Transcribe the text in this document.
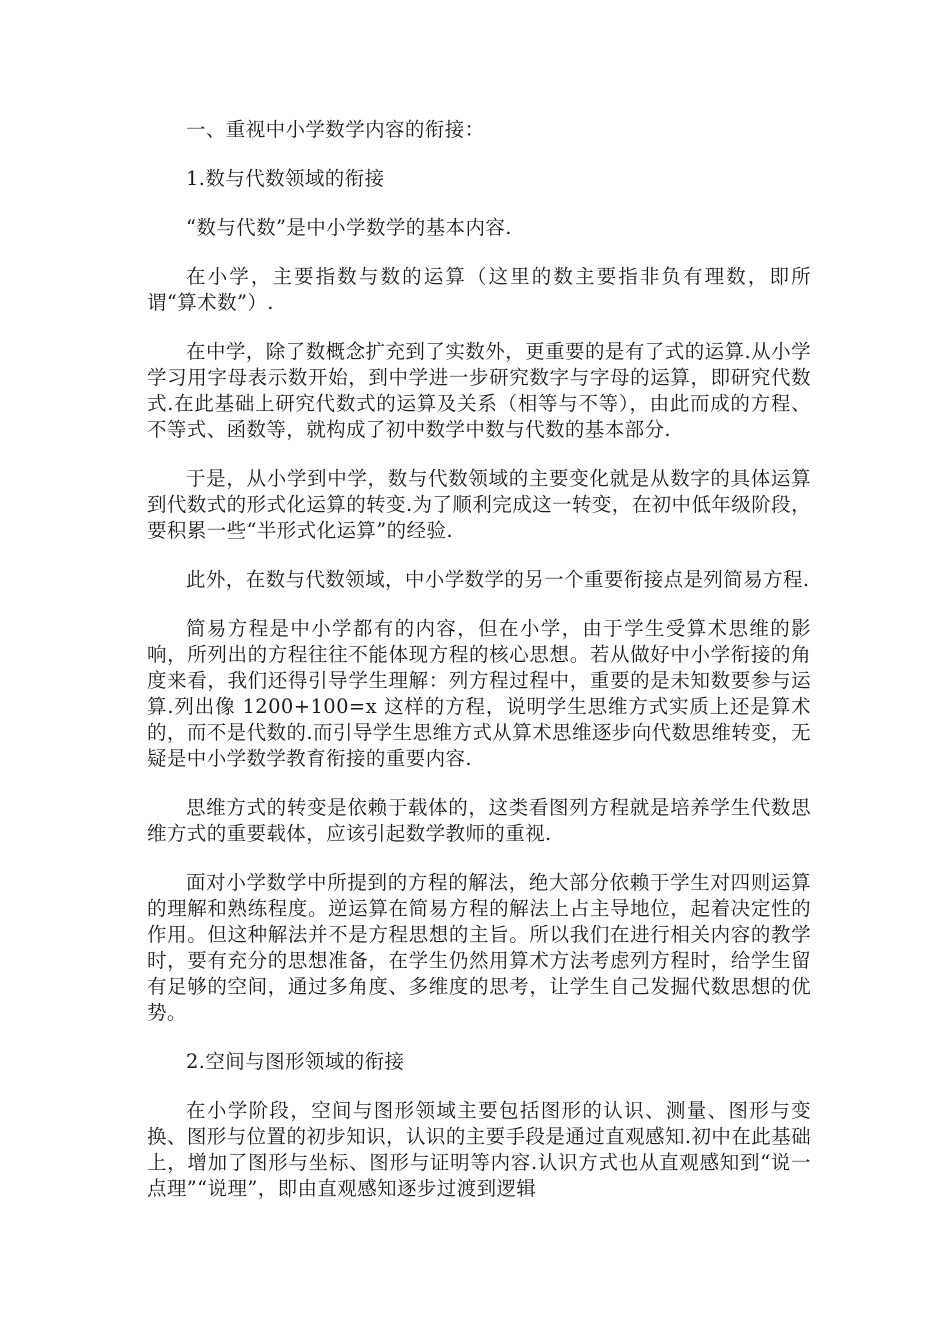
一、重视中小学数学内容的衔接：

1.数与代数领域的衔接

“数与代数”是中小学数学的基本内容.

在小学，主要指数与数的运算（这里的数主要指非负有理数，即所谓“算术数”）.

在中学，除了数概念扩充到了实数外，更重要的是有了式的运算.从小学学习用字母表示数开始，到中学进一步研究数字与字母的运算，即研究代数式.在此基础上研究代数式的运算及关系（相等与不等），由此而成的方程、不等式、函数等，就构成了初中数学中数与代数的基本部分.

于是，从小学到中学，数与代数领域的主要变化就是从数字的具体运算到代数式的形式化运算的转变.为了顺利完成这一转变，在初中低年级阶段，要积累一些“半形式化运算”的经验.

此外，在数与代数领域，中小学数学的另一个重要衔接点是列简易方程.

简易方程是中小学都有的内容，但在小学，由于学生受算术思维的影响，所列出的方程往往不能体现方程的核心思想。若从做好中小学衔接的角度来看，我们还得引导学生理解：列方程过程中，重要的是未知数要参与运算.列出像 1200+100=x 这样的方程，说明学生思维方式实质上还是算术的，而不是代数的.而引导学生思维方式从算术思维逐步向代数思维转变，无疑是中小学数学教育衔接的重要内容.

思维方式的转变是依赖于载体的，这类看图列方程就是培养学生代数思维方式的重要载体，应该引起数学教师的重视.

面对小学数学中所提到的方程的解法，绝大部分依赖于学生对四则运算的理解和熟练程度。逆运算在简易方程的解法上占主导地位，起着决定性的作用。但这种解法并不是方程思想的主旨。所以我们在进行相关内容的教学时，要有充分的思想准备，在学生仍然用算术方法考虑列方程时，给学生留有足够的空间，通过多角度、多维度的思考，让学生自己发掘代数思想的优势。

2.空间与图形领域的衔接

在小学阶段，空间与图形领域主要包括图形的认识、测量、图形与变换、图形与位置的初步知识，认识的主要手段是通过直观感知.初中在此基础上，增加了图形与坐标、图形与证明等内容.认识方式也从直观感知到“说一点理”“说理”，即由直观感知逐步过渡到逻辑
